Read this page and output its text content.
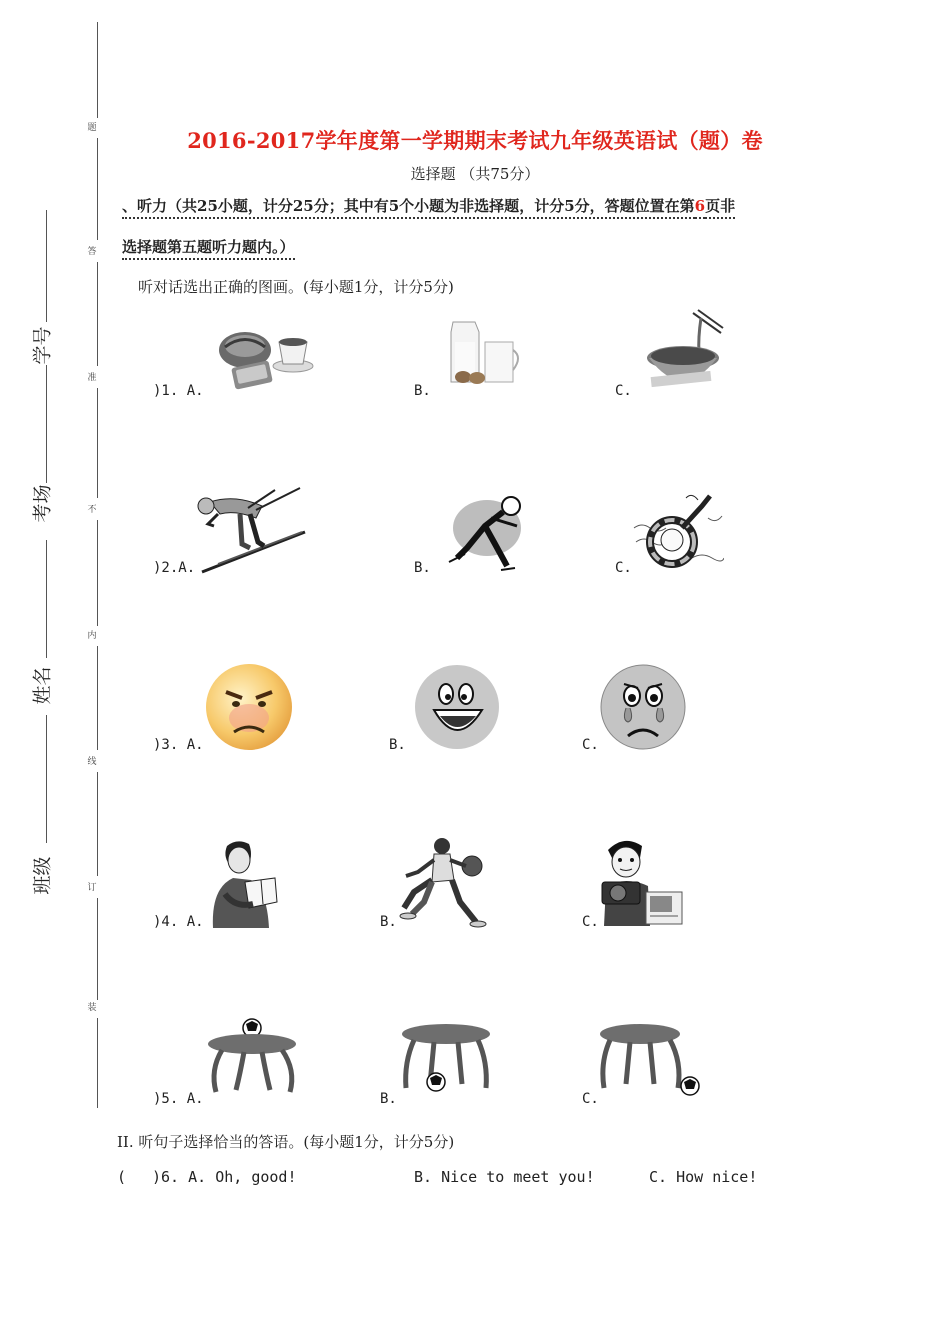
题
答
准
不
内
线
订
装
学号
考场
姓名
班级
2016-2017学年度第一学期期末考试九年级英语试（题）卷
选择题 （共75分）
、听力（共25小题，计分25分；其中有5个小题为非选择题，计分5分，答题位置在第6页非
选择题第五题听力题内。）
听对话选出正确的图画。(每小题1分，计分5分)
)1. A.	B.	C.
)2.A.	B.	C.
)3. A.	B.	C.
)4. A.	B.	C.
)5. A.	B.	C.
II. 听句子选择恰当的答语。(每小题1分，计分5分)
( )6. A. Oh, good!	B. Nice to meet you!	C. How nice!
